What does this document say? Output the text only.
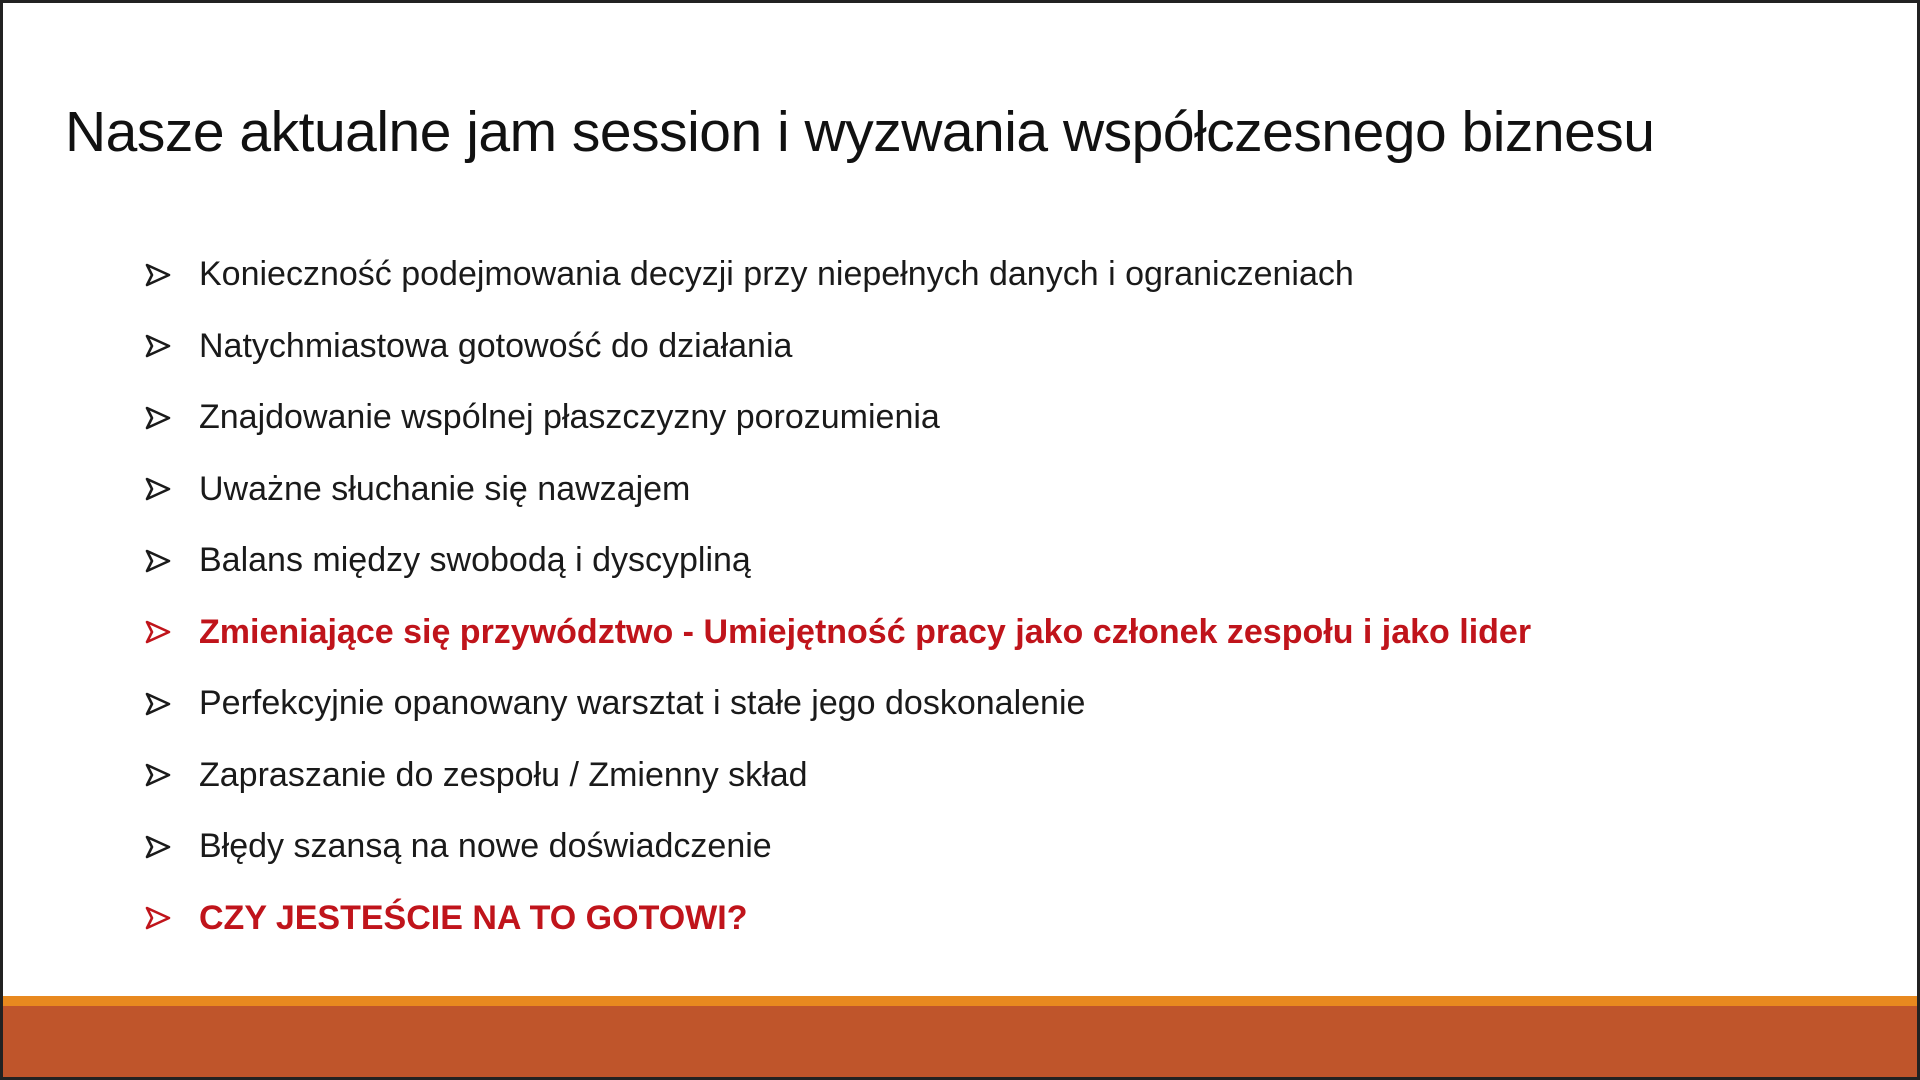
Nasze aktualne jam session i wyzwania współczesnego biznesu
Konieczność podejmowania decyzji przy niepełnych danych i ograniczeniach
Natychmiastowa gotowość do działania
Znajdowanie wspólnej płaszczyzny porozumienia
Uważne słuchanie się nawzajem
Balans między swobodą i dyscypliną
Zmieniające się przywództwo - Umiejętność pracy jako członek zespołu i jako lider
Perfekcyjnie opanowany warsztat i stałe jego doskonalenie
Zapraszanie do zespołu / Zmienny skład
Błędy szansą na nowe doświadczenie
CZY JESTEŚCIE NA TO GOTOWI?
